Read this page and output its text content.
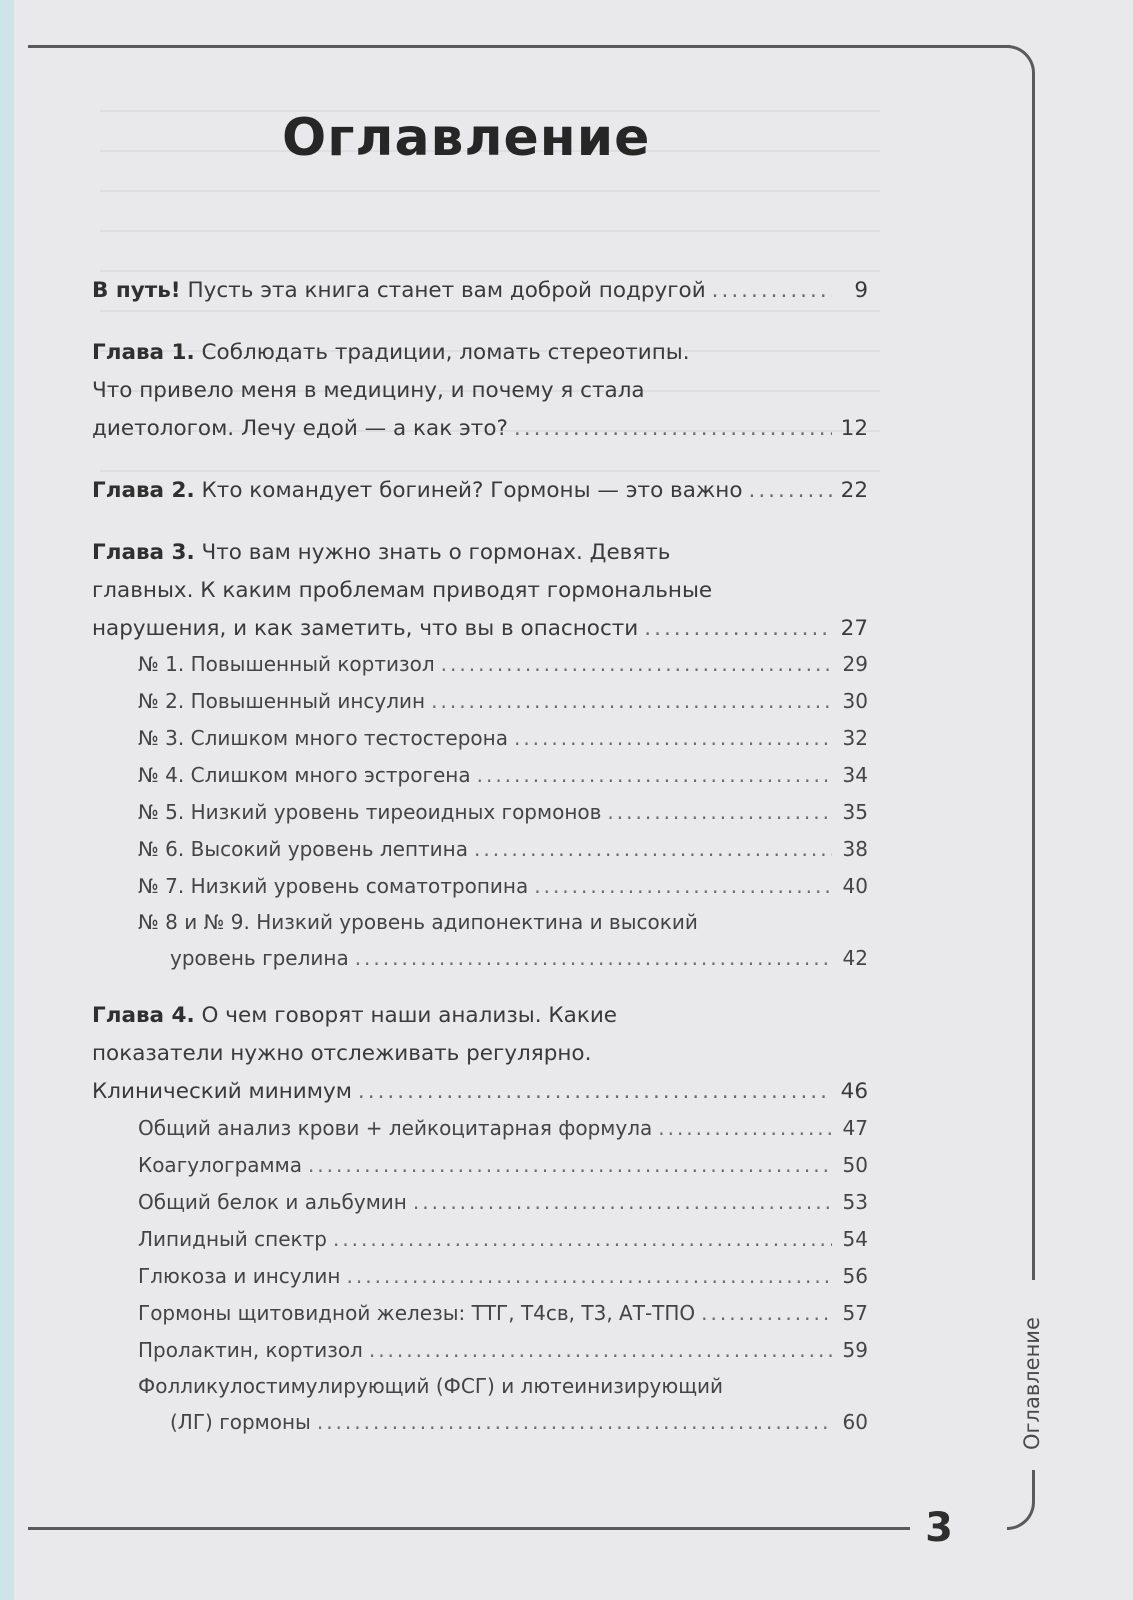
Оглавление
3
Оглавление
В путь! Пусть эта книга станет вам доброй подругой .....	9
Глава 1. Соблюдать традиции, ломать стереотипы.
Что привело меня в медицину, и почему я стала
диетологом. Лечу едой — а как это? .....	12
Глава 2. Кто командует богиней? Гормоны — это важно .....	22
Глава 3. Что вам нужно знать о гормонах. Девять
главных. К каким проблемам приводят гормональные
нарушения, и как заметить, что вы в опасности .....	27
№ 1. Повышенный кортизол .....	29
№ 2. Повышенный инсулин .....	30
№ 3. Слишком много тестостерона .....	32
№ 4. Слишком много эстрогена .....	34
№ 5. Низкий уровень тиреоидных гормонов .....	35
№ 6. Высокий уровень лептина .....	38
№ 7. Низкий уровень соматотропина .....	40
№ 8 и № 9. Низкий уровень адипонектина и высокий
уровень грелина .....	42
Глава 4. О чем говорят наши анализы. Какие
показатели нужно отслеживать регулярно.
Клинический минимум .....	46
Общий анализ крови + лейкоцитарная формула .....	47
Коагулограмма .....	50
Общий белок и альбумин .....	53
Липидный спектр .....	54
Глюкоза и инсулин .....	56
Гормоны щитовидной железы: ТТГ, Т4св, Т3, АТ-ТПО .....	57
Пролактин, кортизол .....	59
Фолликулостимулирующий (ФСГ) и лютеинизирующий
(ЛГ) гормоны .....	60
